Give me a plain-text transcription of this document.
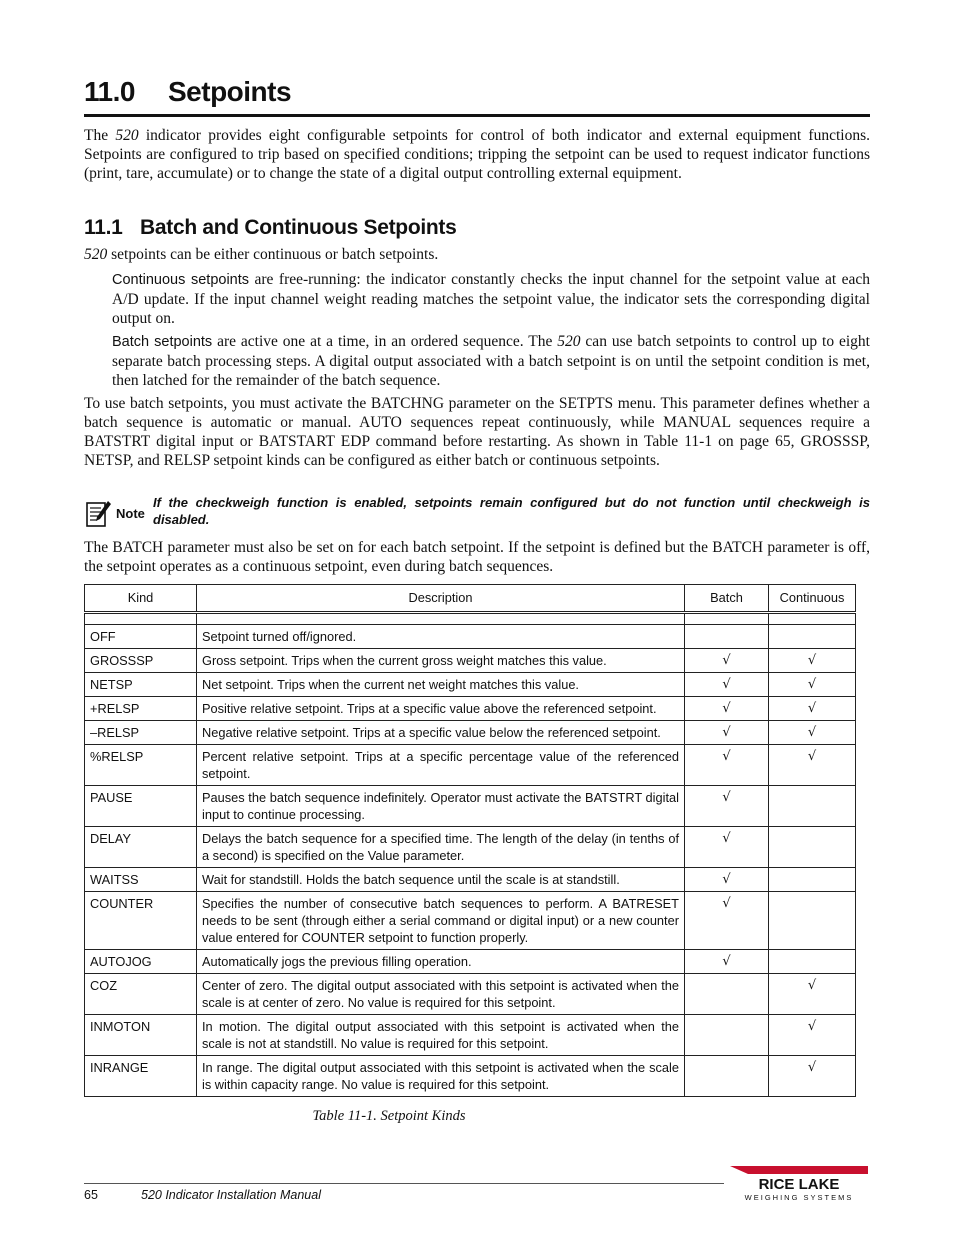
11.0 Setpoints

The 520 indicator provides eight configurable setpoints for control of both indicator and external equipment functions. Setpoints are configured to trip based on specified conditions; tripping the setpoint can be used to request indicator functions (print, tare, accumulate) or to change the state of a digital output controlling external equipment.

11.1 Batch and Continuous Setpoints

520 setpoints can be either continuous or batch setpoints.

Continuous setpoints are free-running: the indicator constantly checks the input channel for the setpoint value at each A/D update. If the input channel weight reading matches the setpoint value, the indicator sets the corresponding digital output on.

Batch setpoints are active one at a time, in an ordered sequence. The 520 can use batch setpoints to control up to eight separate batch processing steps. A digital output associated with a batch setpoint is on until the setpoint condition is met, then latched for the remainder of the batch sequence.

To use batch setpoints, you must activate the BATCHNG parameter on the SETPTS menu. This parameter defines whether a batch sequence is automatic or manual. AUTO sequences repeat continuously, while MANUAL sequences require a BATSTRT digital input or BATSTART EDP command before restarting. As shown in Table 11-1 on page 65, GROSSSP, NETSP, and RELSP setpoint kinds can be configured as either batch or continuous setpoints.

Note

If the checkweigh function is enabled, setpoints remain configured but do not function until checkweigh is disabled.

The BATCH parameter must also be set on for each batch setpoint. If the setpoint is defined but the BATCH parameter is off, the setpoint operates as a continuous setpoint, even during batch sequences.

Kind	Description	Batch	Continuous

OFF	Setpoint turned off/ignored.		
GROSSSP	Gross setpoint. Trips when the current gross weight matches this value.	√	√
NETSP	Net setpoint. Trips when the current net weight matches this value.	√	√
+RELSP	Positive relative setpoint. Trips at a specific value above the referenced setpoint.	√	√
–RELSP	Negative relative setpoint. Trips at a specific value below the referenced setpoint.	√	√
%RELSP	Percent relative setpoint. Trips at a specific percentage value of the referenced setpoint.	√	√
PAUSE	Pauses the batch sequence indefinitely. Operator must activate the BATSTRT digital input to continue processing.	√	
DELAY	Delays the batch sequence for a specified time. The length of the delay (in tenths of a second) is specified on the Value parameter.	√	
WAITSS	Wait for standstill. Holds the batch sequence until the scale is at standstill.	√	
COUNTER	Specifies the number of consecutive batch sequences to perform. A BATRESET needs to be sent (through either a serial command or digital input) or a new counter value entered for COUNTER setpoint to function properly.	√	
AUTOJOG	Automatically jogs the previous filling operation.	√	
COZ	Center of zero. The digital output associated with this setpoint is activated when the scale is at center of zero. No value is required for this setpoint.		√
INMOTON	In motion. The digital output associated with this setpoint is activated when the scale is not at standstill. No value is required for this setpoint.		√
INRANGE	In range. The digital output associated with this setpoint is activated when the scale is within capacity range. No value is required for this setpoint.		√
Table 11-1. Setpoint Kinds
65	520 Indicator Installation Manual
RICE LAKE
WEIGHING SYSTEMS
